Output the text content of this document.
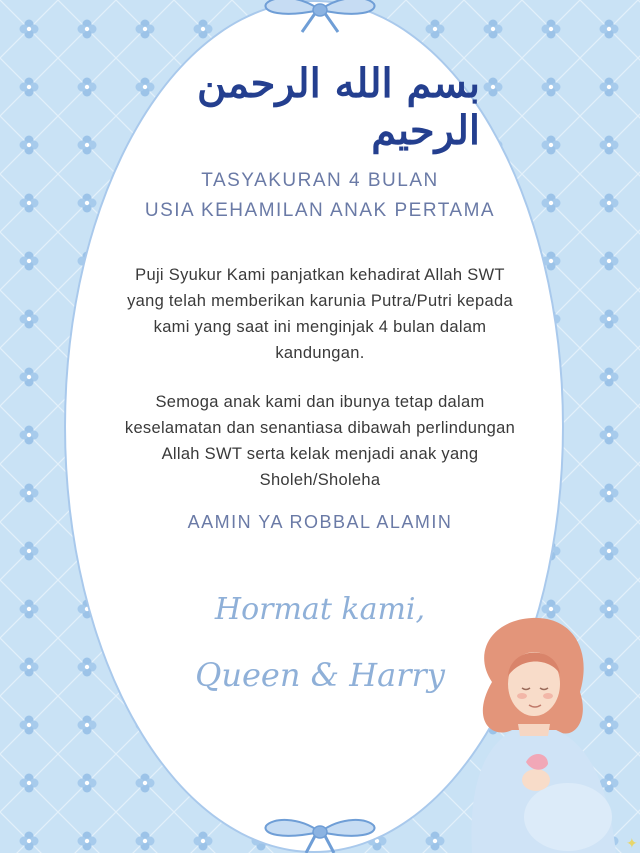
بسم الله الرحمن الرحيم
TASYAKURAN 4 BULAN
USIA KEHAMILAN ANAK PERTAMA
Puji Syukur Kami panjatkan kehadirat Allah SWT
yang telah memberikan karunia Putra/Putri kepada
kami yang saat ini menginjak 4 bulan dalam
kandungan.
Semoga anak kami dan ibunya tetap dalam
keselamatan dan senantiasa dibawah perlindungan
Allah SWT serta kelak menjadi anak yang
Sholeh/Sholeha
AAMIN YA ROBBAL ALAMIN
Hormat kami,
Queen & Harry
✦
